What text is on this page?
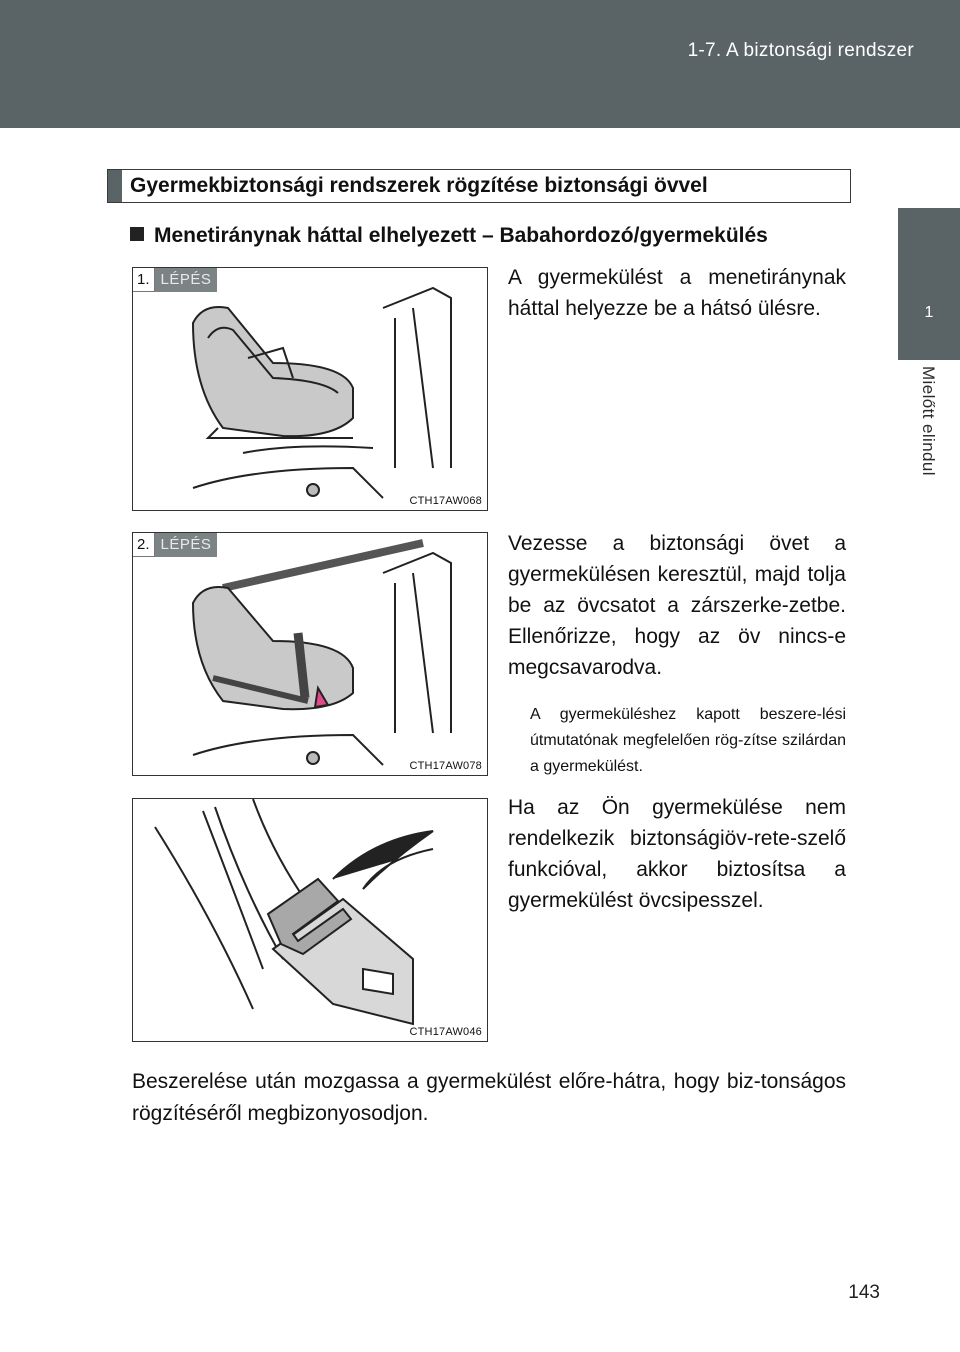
1-7. A biztonsági rendszer
1
Mielőtt elindul
Gyermekbiztonsági rendszerek rögzítése biztonsági övvel
Menetiránynak háttal elhelyezett – Babahordozó/gyermekülés
1. LÉPÉS
CTH17AW068
2. LÉPÉS
CTH17AW078
CTH17AW046
A gyermekülést a menetiránynak háttal helyezze be a hátsó ülésre.
Vezesse a biztonsági övet a gyermekülésen keresztül, majd tolja be az övcsatot a zárszerke-zetbe. Ellenőrizze, hogy az öv nincs-e megcsavarodva.
A gyermeküléshez kapott beszere-lési útmutatónak megfelelően rög-zítse szilárdan a gyermekülést.
Ha az Ön gyermekülése nem rendelkezik biztonságiöv-rete-szelő funkcióval, akkor biztosítsa a gyermekülést övcsipesszel.
Beszerelése után mozgassa a gyermekülést előre-hátra, hogy biz-tonságos rögzítéséről megbizonyosodjon.
143
